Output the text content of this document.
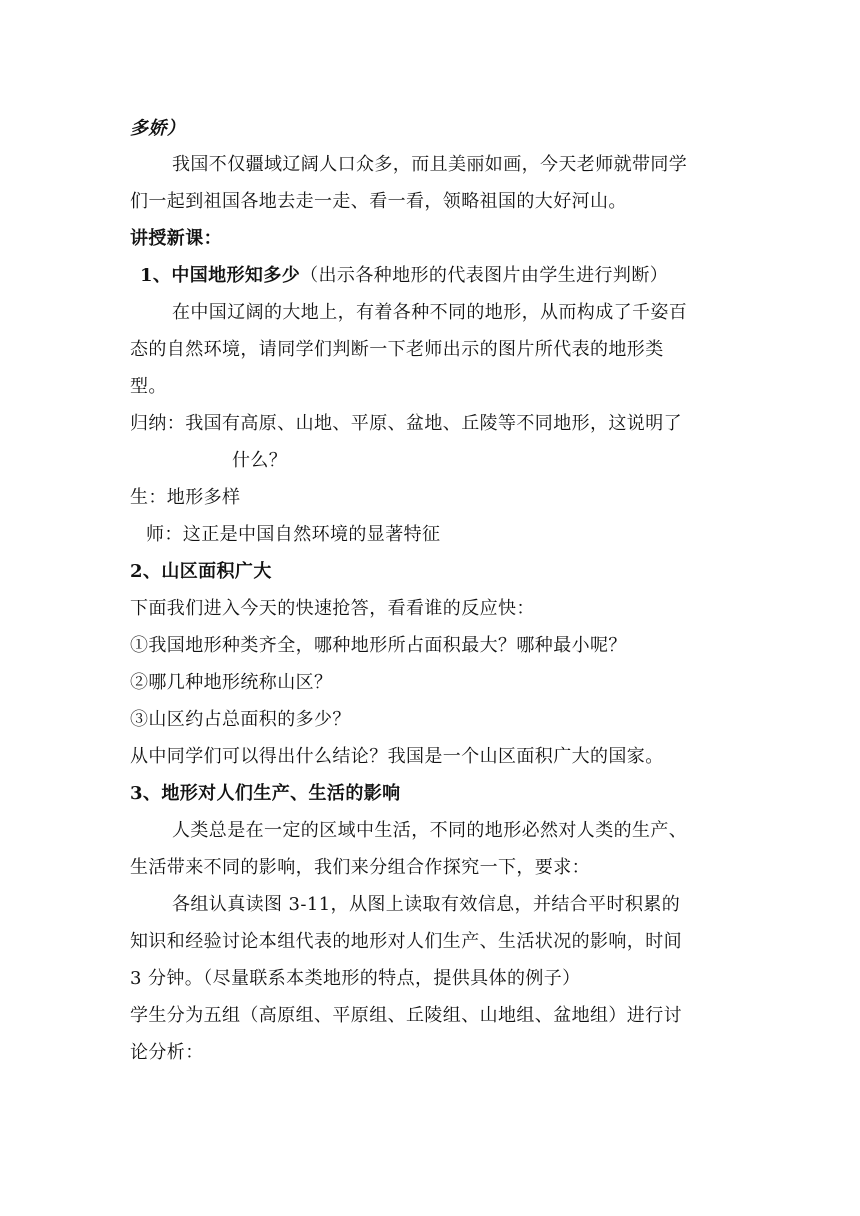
多娇）
我国不仅疆域辽阔人口众多，而且美丽如画，今天老师就带同学
们一起到祖国各地去走一走、看一看，领略祖国的大好河山。
讲授新课：
1、中国地形知多少（出示各种地形的代表图片由学生进行判断）
在中国辽阔的大地上，有着各种不同的地形，从而构成了千姿百
态的自然环境，请同学们判断一下老师出示的图片所代表的地形类
型。
归纳：我国有高原、山地、平原、盆地、丘陵等不同地形，这说明了
什么？
生：地形多样
师：这正是中国自然环境的显著特征
2、山区面积广大
下面我们进入今天的快速抢答，看看谁的反应快：
①我国地形种类齐全，哪种地形所占面积最大？哪种最小呢？
②哪几种地形统称山区？
③山区约占总面积的多少？
从中同学们可以得出什么结论？我国是一个山区面积广大的国家。
3、地形对人们生产、生活的影响
人类总是在一定的区域中生活，不同的地形必然对人类的生产、
生活带来不同的影响，我们来分组合作探究一下，要求：
各组认真读图 3-11，从图上读取有效信息，并结合平时积累的
知识和经验讨论本组代表的地形对人们生产、生活状况的影响，时间
3 分钟。（尽量联系本类地形的特点，提供具体的例子）
学生分为五组（高原组、平原组、丘陵组、山地组、盆地组）进行讨
论分析：
